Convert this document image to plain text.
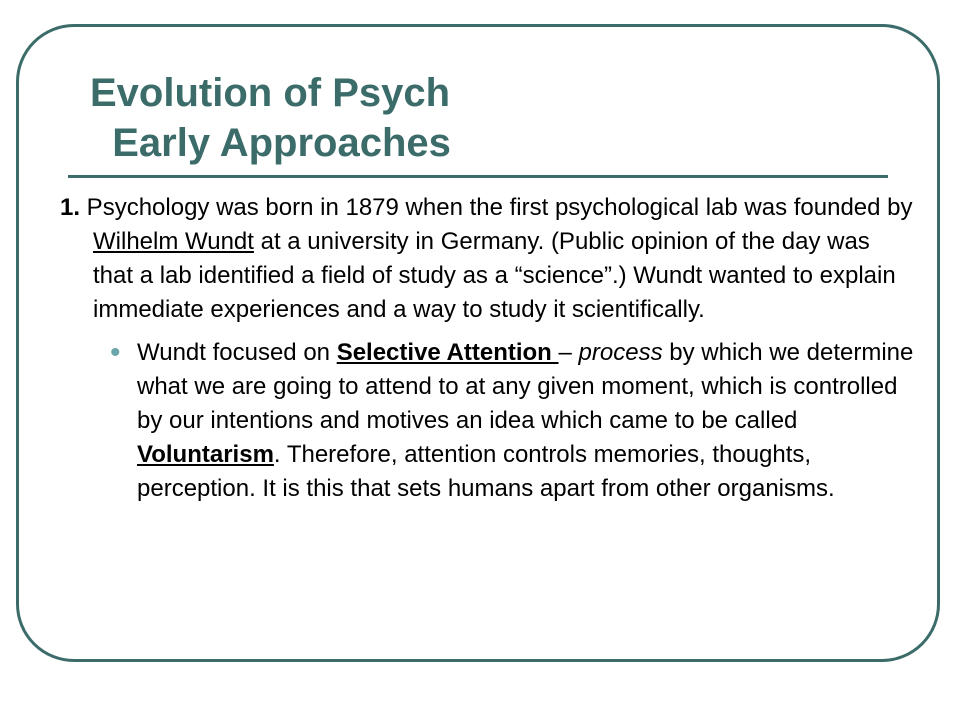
Evolution of Psych
Early Approaches

1. Psychology was born in 1879 when the first psychological lab was founded by Wilhelm Wundt at a university in Germany. (Public opinion of the day was that a lab identified a field of study as a “science”.) Wundt wanted to explain immediate experiences and a way to study it scientifically.

• Wundt focused on Selective Attention – process by which we determine what we are going to attend to at any given moment, which is controlled by our intentions and motives an idea which came to be called Voluntarism. Therefore, attention controls memories, thoughts, perception. It is this that sets humans apart from other organisms.
